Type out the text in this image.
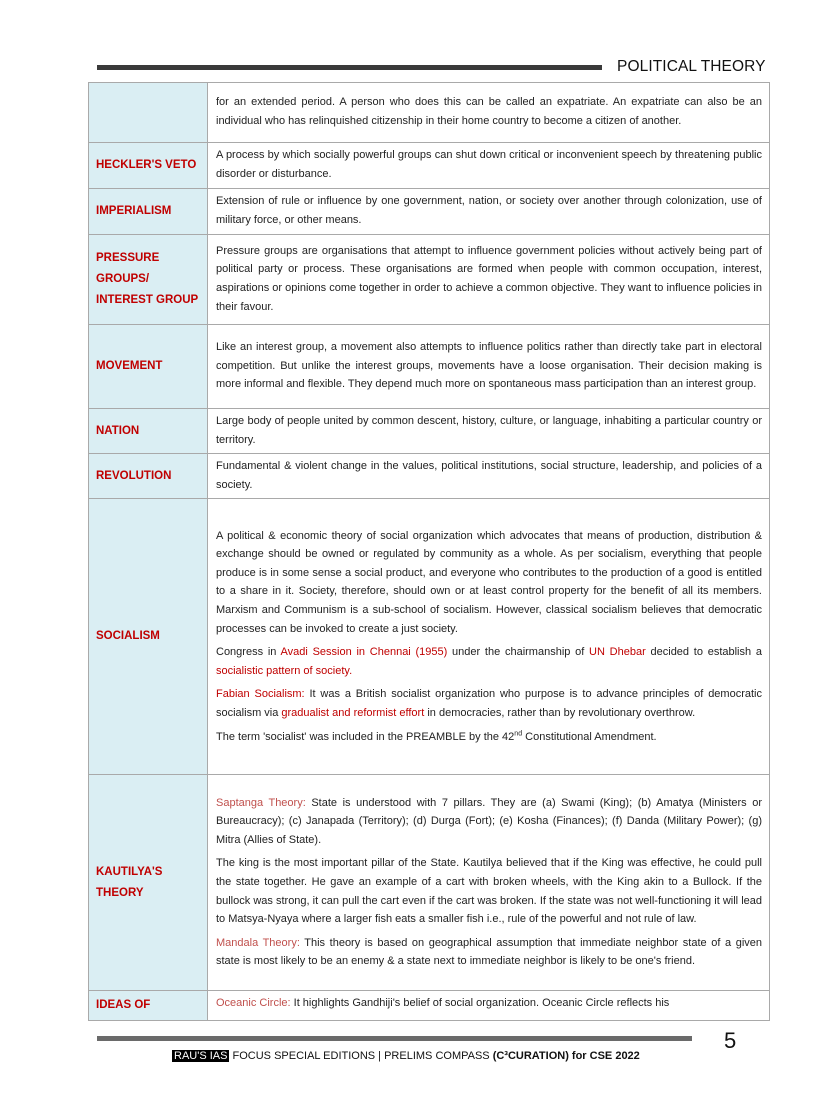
POLITICAL THEORY

	for an extended period. A person who does this can be called an expatriate. An expatriate can also be an individual who has relinquished citizenship in their home country to become a citizen of another.

HECKLER'S VETO	A process by which socially powerful groups can shut down critical or inconvenient speech by threatening public disorder or disturbance.

IMPERIALISM	Extension of rule or influence by one government, nation, or society over another through colonization, use of military force, or other means.

PRESSURE GROUPS/ INTEREST GROUP	Pressure groups are organisations that attempt to influence government policies without actively being part of political party or process. These organisations are formed when people with common occupation, interest, aspirations or opinions come together in order to achieve a common objective. They want to influence policies in their favour.

MOVEMENT	Like an interest group, a movement also attempts to influence politics rather than directly take part in electoral competition. But unlike the interest groups, movements have a loose organisation. Their decision making is more informal and flexible. They depend much more on spontaneous mass participation than an interest group.

NATION	Large body of people united by common descent, history, culture, or language, inhabiting a particular country or territory.

REVOLUTION	Fundamental & violent change in the values, political institutions, social structure, leadership, and policies of a society.

SOCIALISM	A political & economic theory of social organization which advocates that means of production, distribution & exchange should be owned or regulated by community as a whole. As per socialism, everything that people produce is in some sense a social product, and everyone who contributes to the production of a good is entitled to a share in it. Society, therefore, should own or at least control property for the benefit of all its members. Marxism and Communism is a sub-school of socialism. However, classical socialism believes that democratic processes can be invoked to create a just society.

Congress in Avadi Session in Chennai (1955) under the chairmanship of UN Dhebar decided to establish a socialistic pattern of society.

Fabian Socialism: It was a British socialist organization who purpose is to advance principles of democratic socialism via gradualist and reformist effort in democracies, rather than by revolutionary overthrow.

The term 'socialist' was included in the PREAMBLE by the 42nd Constitutional Amendment.

KAUTILYA'S THEORY	Saptanga Theory: State is understood with 7 pillars. They are (a) Swami (King); (b) Amatya (Ministers or Bureaucracy); (c) Janapada (Territory); (d) Durga (Fort); (e) Kosha (Finances); (f) Danda (Military Power); (g) Mitra (Allies of State).

The king is the most important pillar of the State. Kautilya believed that if the King was effective, he could pull the state together. He gave an example of a cart with broken wheels, with the King akin to a Bullock. If the bullock was strong, it can pull the cart even if the cart was broken. If the state was not well-functioning it will lead to Matsya-Nyaya where a larger fish eats a smaller fish i.e., rule of the powerful and not rule of law.

Mandala Theory: This theory is based on geographical assumption that immediate neighbor state of a given state is most likely to be an enemy & a state next to immediate neighbor is likely to be one's friend.

IDEAS OF	Oceanic Circle: It highlights Gandhiji's belief of social organization. Oceanic Circle reflects his

5
RAU'S IAS FOCUS SPECIAL EDITIONS | PRELIMS COMPASS (C³CURATION) for CSE 2022
